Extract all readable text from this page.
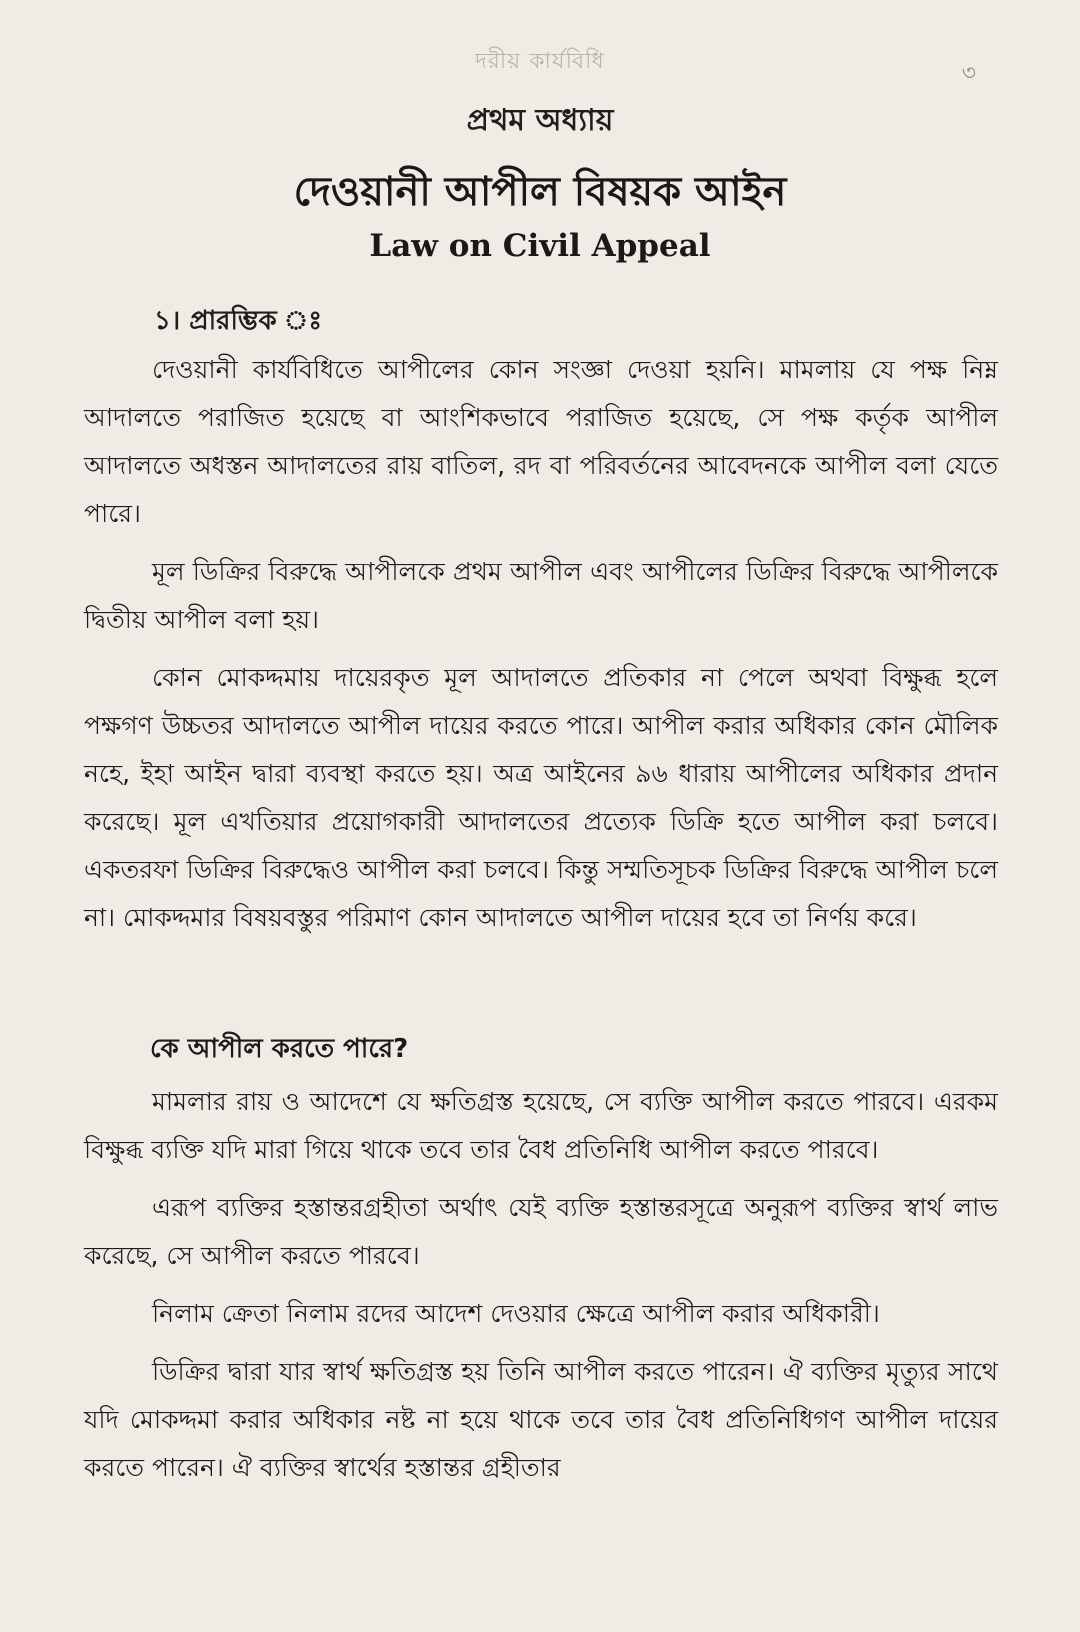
দরীয় কার্যবিধি	৩
প্রথম অধ্যায়
দেওয়ানী আপীল বিষয়ক আইন
Law on Civil Appeal
১। প্রারম্ভিক ঃ

দেওয়ানী কার্যবিধিতে আপীলের কোন সংজ্ঞা দেওয়া হয়নি। মামলায় যে পক্ষ নিম্ন আদালতে পরাজিত হয়েছে বা আংশিকভাবে পরাজিত হয়েছে, সে পক্ষ কর্তৃক আপীল আদালতে অধস্তন আদালতের রায় বাতিল, রদ বা পরিবর্তনের আবেদনকে আপীল বলা যেতে পারে।

মূল ডিক্রির বিরুদ্ধে আপীলকে প্রথম আপীল এবং আপীলের ডিক্রির বিরুদ্ধে আপীলকে দ্বিতীয় আপীল বলা হয়।

কোন মোকদ্দমায় দায়েরকৃত মূল আদালতে প্রতিকার না পেলে অথবা বিক্ষুব্ধ হলে পক্ষগণ উচ্চতর আদালতে আপীল দায়ের করতে পারে। আপীল করার অধিকার কোন মৌলিক নহে, ইহা আইন দ্বারা ব্যবস্থা করতে হয়। অত্র আইনের ৯৬ ধারায় আপীলের অধিকার প্রদান করেছে। মূল এখতিয়ার প্রয়োগকারী আদালতের প্রত্যেক ডিক্রি হতে আপীল করা চলবে। একতরফা ডিক্রির বিরুদ্ধেও আপীল করা চলবে। কিন্তু সম্মতিসূচক ডিক্রির বিরুদ্ধে আপীল চলে না। মোকদ্দমার বিষয়বস্তুর পরিমাণ কোন আদালতে আপীল দায়ের হবে তা নির্ণয় করে।

কে আপীল করতে পারে?

মামলার রায় ও আদেশে যে ক্ষতিগ্রস্ত হয়েছে, সে ব্যক্তি আপীল করতে পারবে। এরকম বিক্ষুব্ধ ব্যক্তি যদি মারা গিয়ে থাকে তবে তার বৈধ প্রতিনিধি আপীল করতে পারবে।

এরূপ ব্যক্তির হস্তান্তরগ্রহীতা অর্থাৎ যেই ব্যক্তি হস্তান্তরসূত্রে অনুরূপ ব্যক্তির স্বার্থ লাভ করেছে, সে আপীল করতে পারবে।

নিলাম ক্রেতা নিলাম রদের আদেশ দেওয়ার ক্ষেত্রে আপীল করার অধিকারী।

ডিক্রির দ্বারা যার স্বার্থ ক্ষতিগ্রস্ত হয় তিনি আপীল করতে পারেন। ঐ ব্যক্তির মৃত্যুর সাথে যদি মোকদ্দমা করার অধিকার নষ্ট না হয়ে থাকে তবে তার বৈধ প্রতিনিধিগণ আপীল দায়ের করতে পারেন। ঐ ব্যক্তির স্বার্থের হস্তান্তর গ্রহীতার
